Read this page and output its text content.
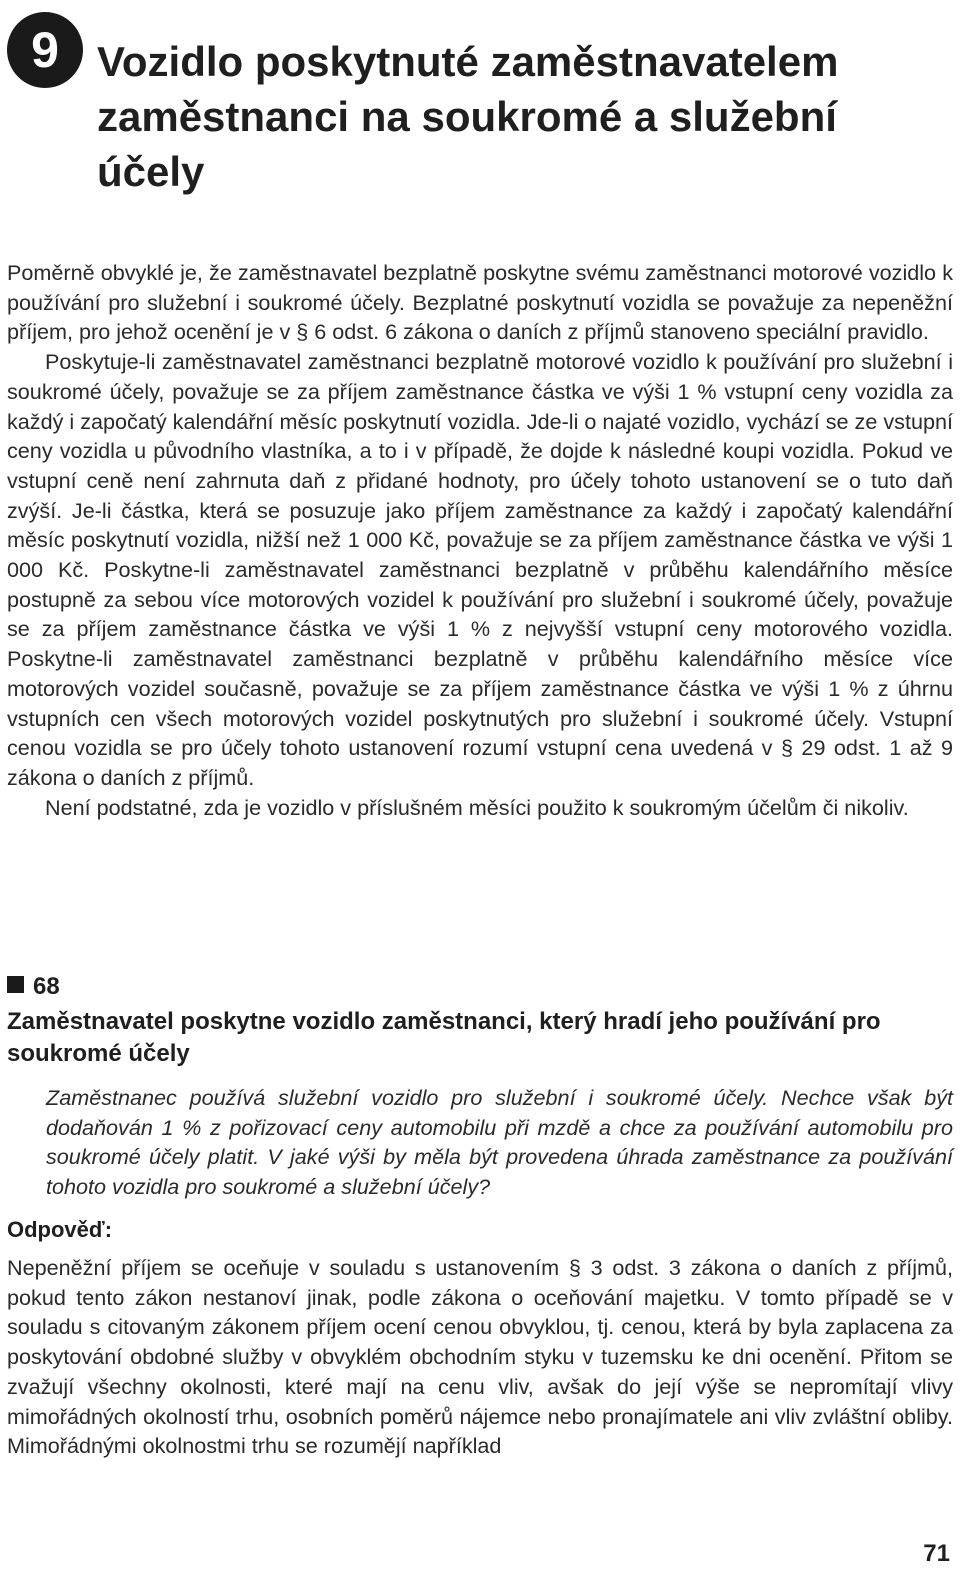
9 Vozidlo poskytnuté zaměstnavatelem zaměstnanci na soukromé a služební účely

Poměrně obvyklé je, že zaměstnavatel bezplatně poskytne svému zaměstnanci motorové vozidlo k používání pro služební i soukromé účely. Bezplatné poskytnutí vozidla se považuje za nepeněžní příjem, pro jehož ocenění je v § 6 odst. 6 zákona o daních z příjmů stanoveno speciální pravidlo.

Poskytuje-li zaměstnavatel zaměstnanci bezplatně motorové vozidlo k používání pro služební i soukromé účely, považuje se za příjem zaměstnance částka ve výši 1 % vstupní ceny vozidla za každý i započatý kalendářní měsíc poskytnutí vozidla. Jde-li o najaté vozidlo, vychází se ze vstupní ceny vozidla u původního vlastníka, a to i v případě, že dojde k následné koupi vozidla. Pokud ve vstupní ceně není zahrnuta daň z přidané hodnoty, pro účely tohoto ustanovení se o tuto daň zvýší. Je-li částka, která se posuzuje jako příjem zaměstnance za každý i započatý kalendářní měsíc poskytnutí vozidla, nižší než 1 000 Kč, považuje se za příjem zaměstnance částka ve výši 1 000 Kč. Poskytne-li zaměstnavatel zaměstnanci bezplatně v průběhu kalendářního měsíce postupně za sebou více motorových vozidel k používání pro služební i soukromé účely, považuje se za příjem zaměstnance částka ve výši 1 % z nejvyšší vstupní ceny motorového vozidla. Poskytne-li zaměstnavatel zaměstnanci bezplatně v průběhu kalendářního měsíce více motorových vozidel současně, považuje se za příjem zaměstnance částka ve výši 1 % z úhrnu vstupních cen všech motorových vozidel poskytnutých pro služební i soukromé účely. Vstupní cenou vozidla se pro účely tohoto ustanovení rozumí vstupní cena uvedená v § 29 odst. 1 až 9 zákona o daních z příjmů.

Není podstatné, zda je vozidlo v příslušném měsíci použito k soukromým účelům či nikoliv.

68
Zaměstnavatel poskytne vozidlo zaměstnanci, který hradí jeho používání pro soukromé účely

Zaměstnanec používá služební vozidlo pro služební i soukromé účely. Nechce však být dodaňován 1 % z pořizovací ceny automobilu při mzdě a chce za používání automobilu pro soukromé účely platit. V jaké výši by měla být provedena úhrada zaměstnance za používání tohoto vozidla pro soukromé a služební účely?

Odpověď:

Nepeněžní příjem se oceňuje v souladu s ustanovením § 3 odst. 3 zákona o daních z příjmů, pokud tento zákon nestanoví jinak, podle zákona o oceňování majetku. V tomto případě se v souladu s citovaným zákonem příjem ocení cenou obvyklou, tj. cenou, která by byla zaplacena za poskytování obdobné služby v obvyklém obchodním styku v tuzemsku ke dni ocenění. Přitom se zvažují všechny okolnosti, které mají na cenu vliv, avšak do její výše se nepromítají vlivy mimořádných okolností trhu, osobních poměrů nájemce nebo pronajímatele ani vliv zvláštní obliby. Mimořádnými okolnostmi trhu se rozumějí například

71
